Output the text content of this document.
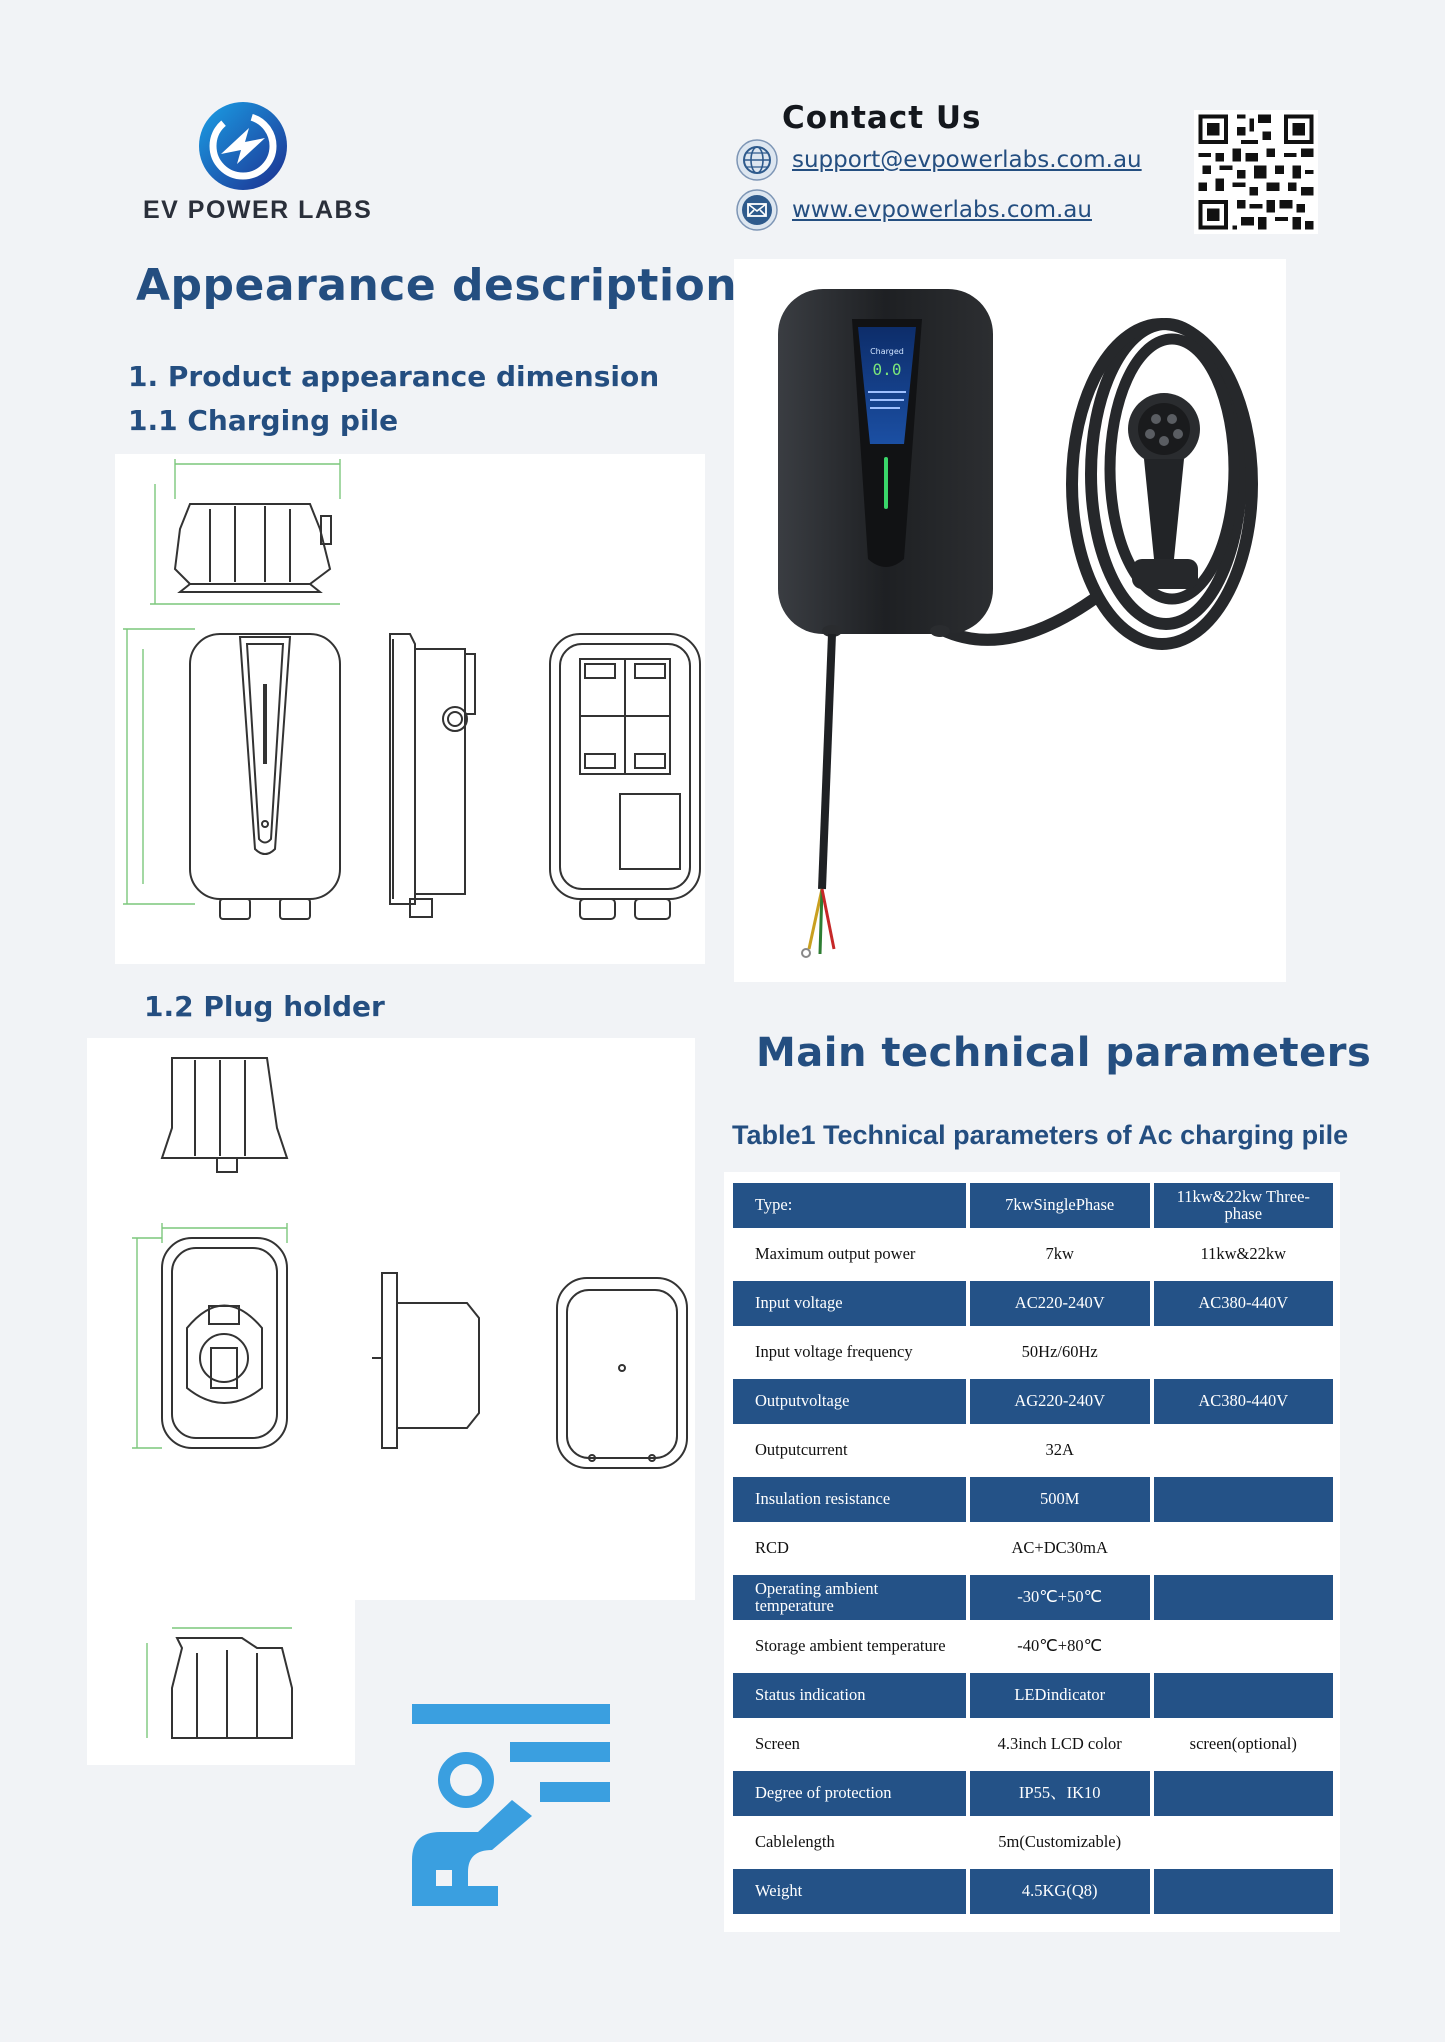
EV POWER LABS
Contact Us
support@evpowerlabs.com.au
www.evpowerlabs.com.au
Appearance description
1. Product appearance dimension
1.1 Charging pile
1.2 Plug holder
Charged
0.0
Main technical parameters
Table1 Technical parameters of Ac charging pile
Type:	7kwSinglePhase	11kw&22kw Three-phase
Maximum output power	7kw	11kw&22kw
Input voltage	AC220-240V	AC380-440V
Input voltage frequency	50Hz/60Hz	
Outputvoltage	AG220-240V	AC380-440V
Outputcurrent	32A	
Insulation resistance	500M	
RCD	AC+DC30mA	
Operating ambient temperature	-30℃+50℃	
Storage ambient temperature	-40℃+80℃	
Status indication	LEDindicator	
Screen	4.3inch LCD color	screen(optional)
Degree of protection	IP55、IK10	
Cablelength	5m(Customizable)	
Weight	4.5KG(Q8)	
